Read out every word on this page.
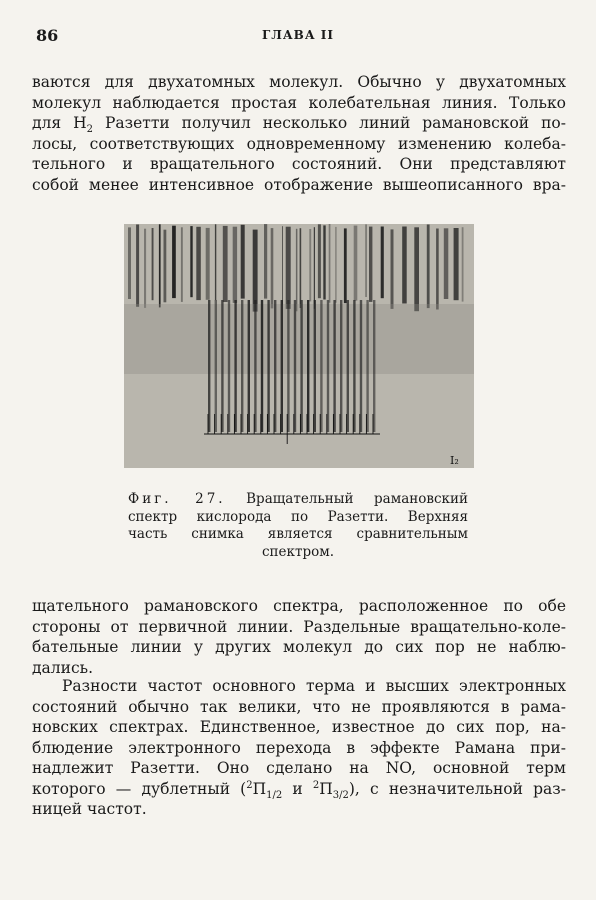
86	ГЛАВА II
ваются для двухатомных молекул. Обычно у двухатомных
молекул наблюдается простая колебательная линия. Только
для $H_2$ Разетти получил несколько линий рамановской по-
лосы, соответствующих одновременному изменению колеба-
тельного и вращательного состояний. Они представляют
собой менее интенсивное отображение вышеописанного вра-
I₂
Фиг. 27. Вращательный рамановский
спектр кислорода по Разетти. Верхняя
часть снимка является сравнительным
спектром.
щательного рамановского спектра, расположенное по обе
стороны от первичной линии. Раздельные вращательно-коле-
бательные линии у других молекул до сих пор не наблю-
дались.
Разности частот основного терма и высших электронных
состояний обычно так велики, что не проявляются в рама-
новских спектрах. Единственное, известное до сих пор, на-
блюдение электронного перехода в эффекте Рамана при-
надлежит Разетти. Оно сделано на NO, основной терм
которого — дублетный ($^2\Pi_{1/2}$ и $^2\Pi_{3/2}$), с незначительной раз-
ницей частот.
